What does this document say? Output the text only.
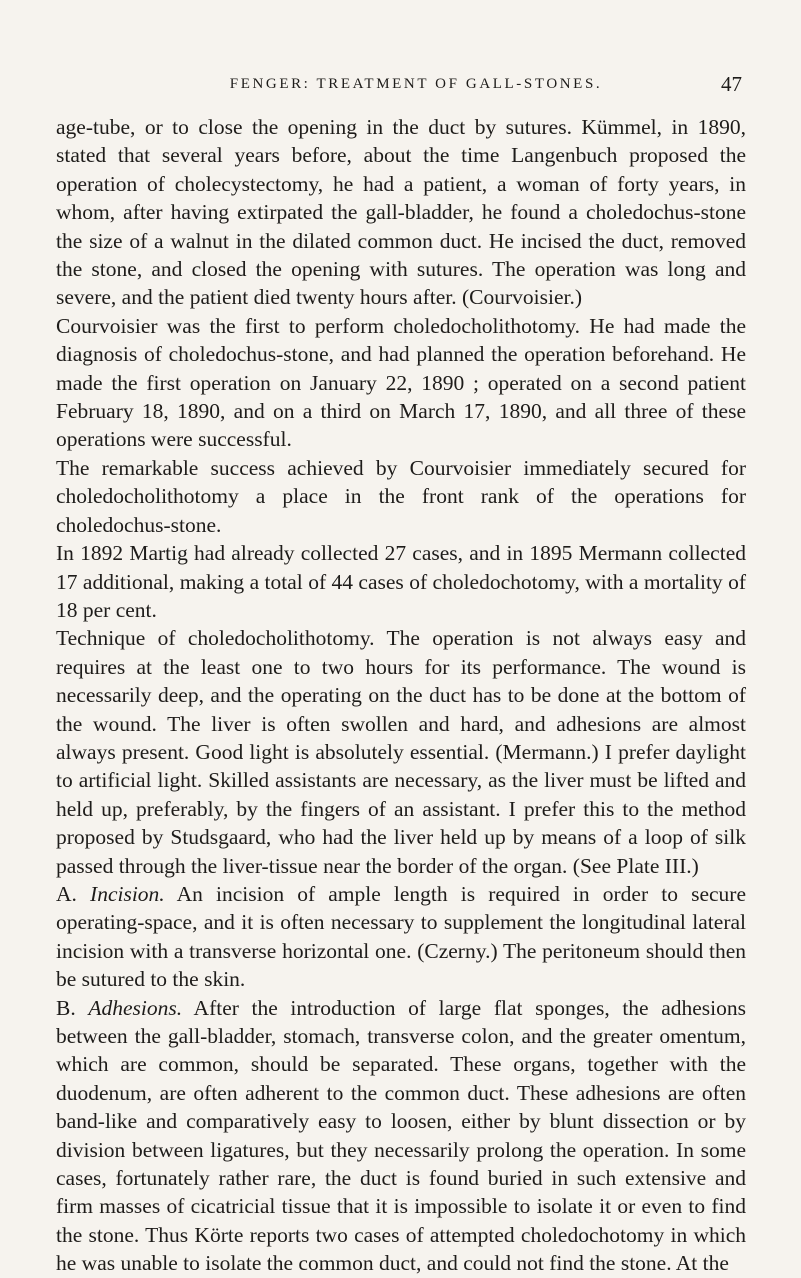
FENGER: TREATMENT OF GALL-STONES.	47

age-tube, or to close the opening in the duct by sutures. Kümmel, in 1890, stated that several years before, about the time Langenbuch proposed the operation of cholecystectomy, he had a patient, a woman of forty years, in whom, after having extirpated the gall-bladder, he found a choledochus-stone the size of a walnut in the dilated common duct. He incised the duct, removed the stone, and closed the opening with sutures. The operation was long and severe, and the patient died twenty hours after. (Courvoisier.)

Courvoisier was the first to perform choledocholithotomy. He had made the diagnosis of choledochus-stone, and had planned the operation beforehand. He made the first operation on January 22, 1890 ; operated on a second patient February 18, 1890, and on a third on March 17, 1890, and all three of these operations were successful.

The remarkable success achieved by Courvoisier immediately secured for choledocholithotomy a place in the front rank of the operations for choledochus-stone.

In 1892 Martig had already collected 27 cases, and in 1895 Mermann collected 17 additional, making a total of 44 cases of choledochotomy, with a mortality of 18 per cent.

Technique of choledocholithotomy. The operation is not always easy and requires at the least one to two hours for its performance. The wound is necessarily deep, and the operating on the duct has to be done at the bottom of the wound. The liver is often swollen and hard, and adhesions are almost always present. Good light is absolutely essential. (Mermann.) I prefer daylight to artificial light. Skilled assistants are necessary, as the liver must be lifted and held up, preferably, by the fingers of an assistant. I prefer this to the method proposed by Studsgaard, who had the liver held up by means of a loop of silk passed through the liver-tissue near the border of the organ. (See Plate III.)

A. Incision. An incision of ample length is required in order to secure operating-space, and it is often necessary to supplement the longitudinal lateral incision with a transverse horizontal one. (Czerny.) The peritoneum should then be sutured to the skin.

B. Adhesions. After the introduction of large flat sponges, the adhesions between the gall-bladder, stomach, transverse colon, and the greater omentum, which are common, should be separated. These organs, together with the duodenum, are often adherent to the common duct. These adhesions are often band-like and comparatively easy to loosen, either by blunt dissection or by division between ligatures, but they necessarily prolong the operation. In some cases, fortunately rather rare, the duct is found buried in such extensive and firm masses of cicatricial tissue that it is impossible to isolate it or even to find the stone. Thus Körte reports two cases of attempted choledochotomy in which he was unable to isolate the common duct, and could not find the stone. At the
